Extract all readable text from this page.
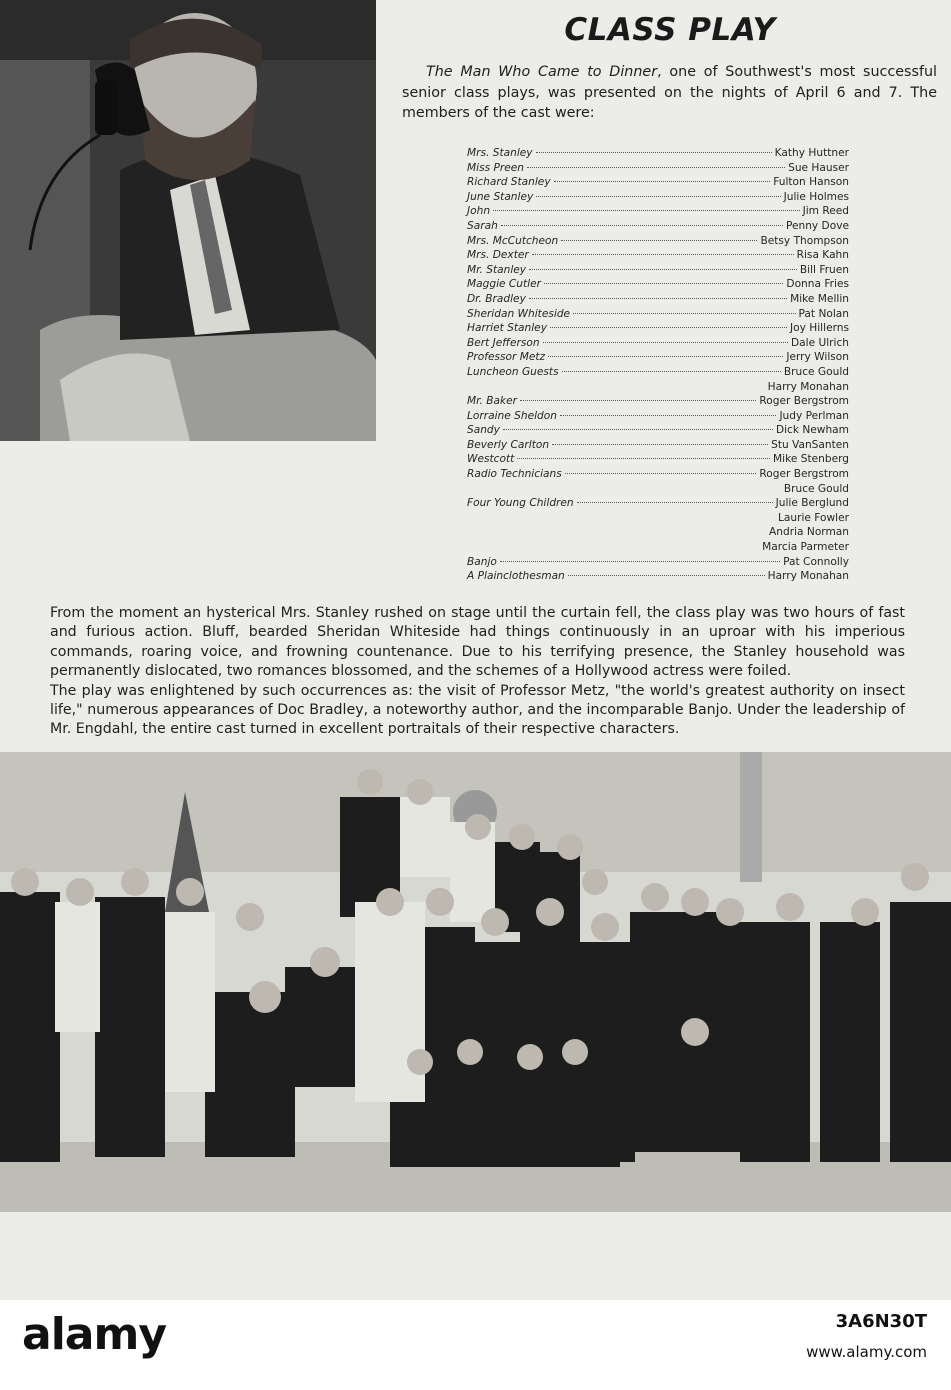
CLASS PLAY
The Man Who Came to Dinner, one of Southwest's most successful senior class plays, was presented on the nights of April 6 and 7. The members of the cast were:
Mrs. Stanley	Kathy Huttner
Miss Preen	Sue Hauser
Richard Stanley	Fulton Hanson
June Stanley	Julie Holmes
John	Jim Reed
Sarah	Penny Dove
Mrs. McCutcheon	Betsy Thompson
Mrs. Dexter	Risa Kahn
Mr. Stanley	Bill Fruen
Maggie Cutler	Donna Fries
Dr. Bradley	Mike Mellin
Sheridan Whiteside	Pat Nolan
Harriet Stanley	Joy Hillerns
Bert Jefferson	Dale Ulrich
Professor Metz	Jerry Wilson
Luncheon Guests	Bruce Gould
Harry Monahan
Mr. Baker	Roger Bergstrom
Lorraine Sheldon	Judy Perlman
Sandy	Dick Newham
Beverly Carlton	Stu VanSanten
Westcott	Mike Stenberg
Radio Technicians	Roger Bergstrom
Bruce Gould
Four Young Children	Julie Berglund
Laurie Fowler
Andria Norman
Marcia Parmeter
Banjo	Pat Connolly
A Plainclothesman	Harry Monahan

From the moment an hysterical Mrs. Stanley rushed on stage until the curtain fell, the class play was two hours of fast and furious action. Bluff, bearded Sheridan Whiteside had things continuously in an uproar with his imperious commands, roaring voice, and frowning countenance. Due to his terrifying presence, the Stanley household was permanently dislocated, two romances blossomed, and the schemes of a Hollywood actress were foiled.

The play was enlightened by such occurrences as: the visit of Professor Metz, "the world's greatest authority on insect life," numerous appearances of Doc Bradley, a noteworthy author, and the incomparable Banjo. Under the leadership of Mr. Engdahl, the entire cast turned in excellent portraitals of their respective characters.

alamy	3A6N30T
www.alamy.com
